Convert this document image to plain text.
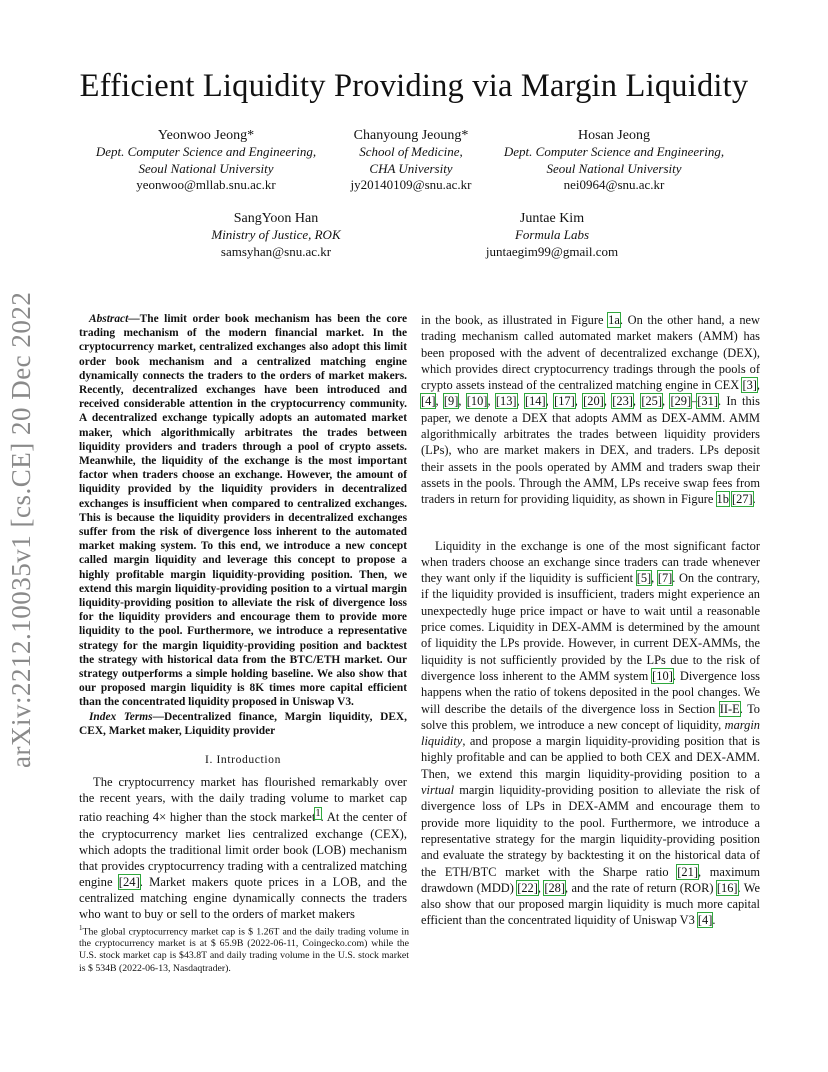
arXiv:2212.10035v1 [cs.CE] 20 Dec 2022
Efficient Liquidity Providing via Margin Liquidity
Yeonwoo Jeong*
Dept. Computer Science and Engineering,
Seoul National University
yeonwoo@mllab.snu.ac.kr
Chanyoung Jeoung*
School of Medicine,
CHA University
jy20140109@snu.ac.kr
Hosan Jeong
Dept. Computer Science and Engineering,
Seoul National University
nei0964@snu.ac.kr
SangYoon Han
Ministry of Justice, ROK
samsyhan@snu.ac.kr
Juntae Kim
Formula Labs
juntaegim99@gmail.com

Abstract—The limit order book mechanism has been the core trading mechanism of the modern financial market. In the cryptocurrency market, centralized exchanges also adopt this limit order book mechanism and a centralized matching engine dynamically connects the traders to the orders of market makers. Recently, decentralized exchanges have been introduced and received considerable attention in the cryptocurrency community. A decentralized exchange typically adopts an automated market maker, which algorithmically arbitrates the trades between liquidity providers and traders through a pool of crypto assets. Meanwhile, the liquidity of the exchange is the most important factor when traders choose an exchange. However, the amount of liquidity provided by the liquidity providers in decentralized exchanges is insufficient when compared to centralized exchanges. This is because the liquidity providers in decentralized exchanges suffer from the risk of divergence loss inherent to the automated market making system. To this end, we introduce a new concept called margin liquidity and leverage this concept to propose a highly profitable margin liquidity-providing position. Then, we extend this margin liquidity-providing position to a virtual margin liquidity-providing position to alleviate the risk of divergence loss for the liquidity providers and encourage them to provide more liquidity to the pool. Furthermore, we introduce a representative strategy for the margin liquidity-providing position and backtest the strategy with historical data from the BTC/ETH market. Our strategy outperforms a simple holding baseline. We also show that our proposed margin liquidity is 8K times more capital efficient than the concentrated liquidity proposed in Uniswap V3.

Index Terms—Decentralized finance, Margin liquidity, DEX, CEX, Market maker, Liquidity provider

I. Introduction

The cryptocurrency market has flourished remarkably over the recent years, with the daily trading volume to market cap ratio reaching 4× higher than the stock market$^1$. At the center of the cryptocurrency market lies centralized exchange (CEX), which adopts the traditional limit order book (LOB) mechanism that provides cryptocurrency trading with a centralized matching engine [24]. Market makers quote prices in a LOB, and the centralized matching engine dynamically connects the traders who want to buy or sell to the orders of market makers

$^1$The global cryptocurrency market cap is $ 1.26T and the daily trading volume in the cryptocurrency market is at $ 65.9B (2022-06-11, Coingecko.com) while the U.S. stock market cap is $43.8T and daily trading volume in the U.S. stock market is $ 534B (2022-06-13, Nasdaqtrader).

in the book, as illustrated in Figure 1a. On the other hand, a new trading mechanism called automated market makers (AMM) has been proposed with the advent of decentralized exchange (DEX), which provides direct cryptocurrency tradings through the pools of crypto assets instead of the centralized matching engine in CEX [3], [4], [9], [10], [13], [14], [17], [20], [23], [25], [29]–[31]. In this paper, we denote a DEX that adopts AMM as DEX-AMM. AMM algorithmically arbitrates the trades between liquidity providers (LPs), who are market makers in DEX, and traders. LPs deposit their assets in the pools operated by AMM and traders swap their assets in the pools. Through the AMM, LPs receive swap fees from traders in return for providing liquidity, as shown in Figure 1b [27].

Liquidity in the exchange is one of the most significant factor when traders choose an exchange since traders can trade whenever they want only if the liquidity is sufficient [5], [7]. On the contrary, if the liquidity provided is insufficient, traders might experience an unexpectedly huge price impact or have to wait until a reasonable price comes. Liquidity in DEX-AMM is determined by the amount of liquidity the LPs provide. However, in current DEX-AMMs, the liquidity is not sufficiently provided by the LPs due to the risk of divergence loss inherent to the AMM system [10]. Divergence loss happens when the ratio of tokens deposited in the pool changes. We will describe the details of the divergence loss in Section II-E. To solve this problem, we introduce a new concept of liquidity, margin liquidity, and propose a margin liquidity-providing position that is highly profitable and can be applied to both CEX and DEX-AMM. Then, we extend this margin liquidity-providing position to a virtual margin liquidity-providing position to alleviate the risk of divergence loss of LPs in DEX-AMM and encourage them to provide more liquidity to the pool. Furthermore, we introduce a representative strategy for the margin liquidity-providing position and evaluate the strategy by backtesting it on the historical data of the ETH/BTC market with the Sharpe ratio [21], maximum drawdown (MDD) [22], [28], and the rate of return (ROR) [16]. We also show that our proposed margin liquidity is much more capital efficient than the concentrated liquidity of Uniswap V3 [4].
